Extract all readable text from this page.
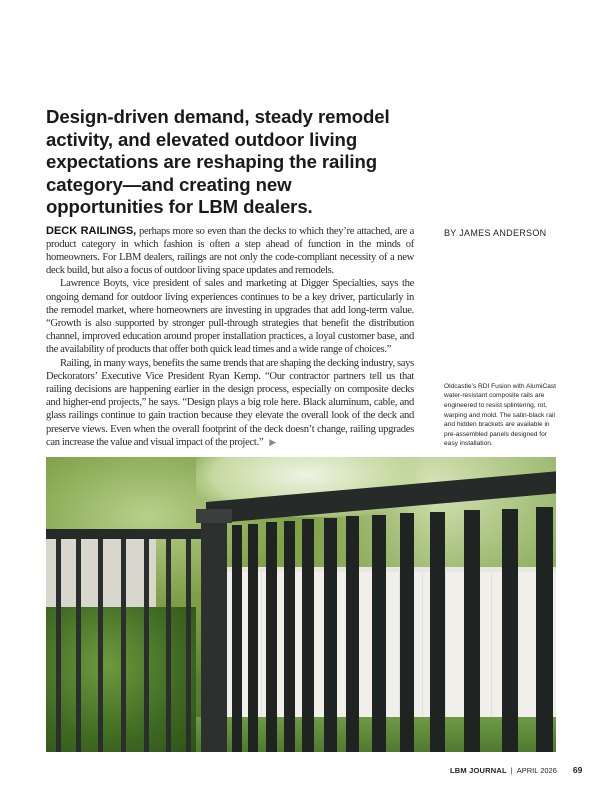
Design-driven demand, steady remodel activity, and elevated outdoor living expectations are reshaping the railing category—and creating new opportunities for LBM dealers.

DECK RAILINGS, perhaps more so even than the decks to which they’re attached, are a product category in which fashion is often a step ahead of function in the minds of homeowners. For LBM dealers, railings are not only the code-compliant necessity of a new deck build, but also a focus of outdoor living space updates and remodels.

Lawrence Boyts, vice president of sales and marketing at Digger Specialties, says the ongoing demand for outdoor living experiences continues to be a key driver, particularly in the remodel market, where homeowners are investing in upgrades that add long-term value. “Growth is also supported by stronger pull-through strategies that benefit the distribution channel, improved education around proper installation practices, a loyal customer base, and the availability of products that offer both quick lead times and a wide range of choices.”

Railing, in many ways, benefits the same trends that are shaping the decking industry, says Deckorators’ Executive Vice President Ryan Kemp. “Our contractor partners tell us that railing decisions are happening earlier in the design process, especially on composite decks and higher-end projects,” he says. “Design plays a big role here. Black aluminum, cable, and glass railings continue to gain traction because they elevate the overall look of the deck and preserve views. Even when the overall footprint of the deck doesn’t change, railing upgrades can increase the value and visual impact of the project.” ▶

BY JAMES ANDERSON
Oldcastle’s RDI Fusion with AlumiCast water-resistant composite rails are engineered to resist splintering, rot, warping and mold. The satin-black rail and hidden brackets are available in pre-assembled panels designed for easy installation.
LBM JOURNAL | APRIL 2026 69
